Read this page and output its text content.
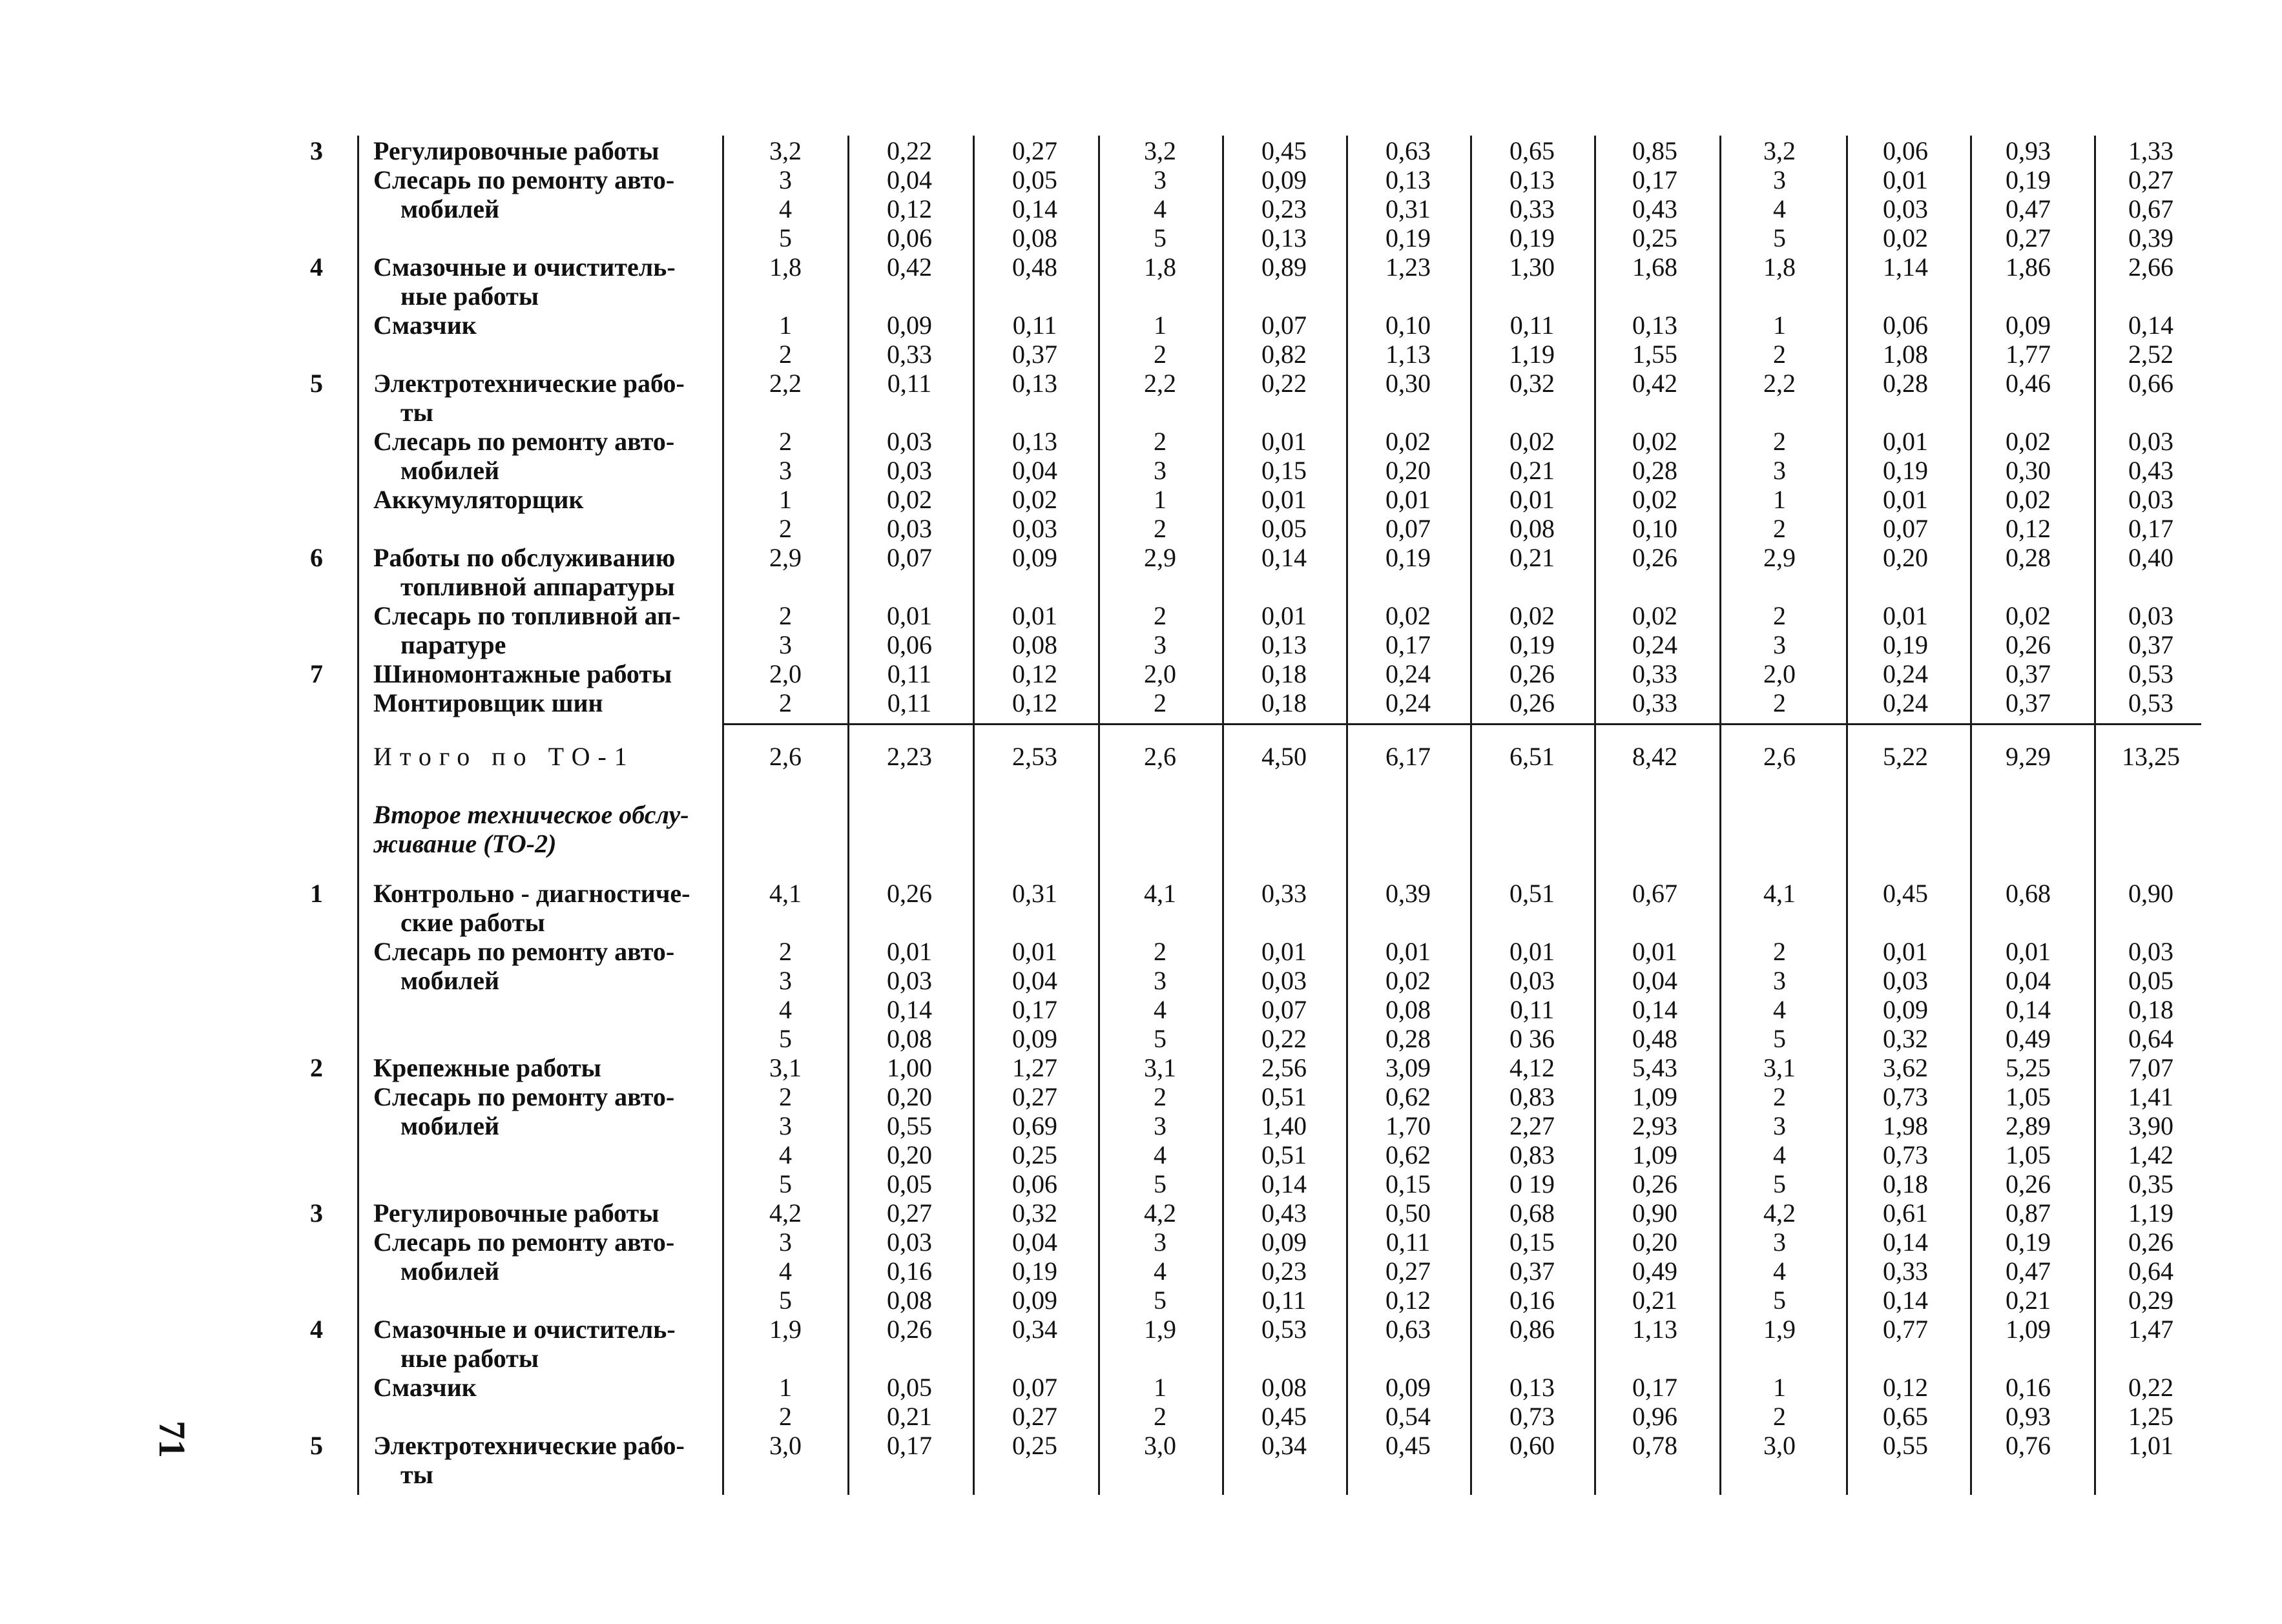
71
3 Регулировочные работы	3,2	0,22	0,27	3,2	0,45	0,63	0,65	0,85	3,2	0,06	0,93	1,33
Слесарь по ремонту авто-	3	0,04	0,05	3	0,09	0,13	0,13	0,17	3	0,01	0,19	0,27
мобилей	4	0,12	0,14	4	0,23	0,31	0,33	0,43	4	0,03	0,47	0,67
5	0,06	0,08	5	0,13	0,19	0,19	0,25	5	0,02	0,27	0,39
4 Смазочные и очиститель-	1,8	0,42	0,48	1,8	0,89	1,23	1,30	1,68	1,8	1,14	1,86	2,66
ные работы
Смазчик	1	0,09	0,11	1	0,07	0,10	0,11	0,13	1	0,06	0,09	0,14
2	0,33	0,37	2	0,82	1,13	1,19	1,55	2	1,08	1,77	2,52
5 Электротехнические рабо-	2,2	0,11	0,13	2,2	0,22	0,30	0,32	0,42	2,2	0,28	0,46	0,66
ты
Слесарь по ремонту авто-	2	0,03	0,13	2	0,01	0,02	0,02	0,02	2	0,01	0,02	0,03
мобилей	3	0,03	0,04	3	0,15	0,20	0,21	0,28	3	0,19	0,30	0,43
Аккумуляторщик	1	0,02	0,02	1	0,01	0,01	0,01	0,02	1	0,01	0,02	0,03
2	0,03	0,03	2	0,05	0,07	0,08	0,10	2	0,07	0,12	0,17
6 Работы по обслуживанию	2,9	0,07	0,09	2,9	0,14	0,19	0,21	0,26	2,9	0,20	0,28	0,40
топливной аппаратуры
Слесарь по топливной ап-	2	0,01	0,01	2	0,01	0,02	0,02	0,02	2	0,01	0,02	0,03
паратуре	3	0,06	0,08	3	0,13	0,17	0,19	0,24	3	0,19	0,26	0,37
7 Шиномонтажные работы	2,0	0,11	0,12	2,0	0,18	0,24	0,26	0,33	2,0	0,24	0,37	0,53
Монтировщик шин	2	0,11	0,12	2	0,18	0,24	0,26	0,33	2	0,24	0,37	0,53
Итого по ТО-1	2,6	2,23	2,53	2,6	4,50	6,17	6,51	8,42	2,6	5,22	9,29	13,25
Второе техническое обслу-
живание (ТО-2)
1 Контрольно - диагностиче-	4,1	0,26	0,31	4,1	0,33	0,39	0,51	0,67	4,1	0,45	0,68	0,90
ские работы
Слесарь по ремонту авто-	2	0,01	0,01	2	0,01	0,01	0,01	0,01	2	0,01	0,01	0,03
мобилей	3	0,03	0,04	3	0,03	0,02	0,03	0,04	3	0,03	0,04	0,05
4	0,14	0,17	4	0,07	0,08	0,11	0,14	4	0,09	0,14	0,18
5	0,08	0,09	5	0,22	0,28	0 36	0,48	5	0,32	0,49	0,64
2 Крепежные работы	3,1	1,00	1,27	3,1	2,56	3,09	4,12	5,43	3,1	3,62	5,25	7,07
Слесарь по ремонту авто-	2	0,20	0,27	2	0,51	0,62	0,83	1,09	2	0,73	1,05	1,41
мобилей	3	0,55	0,69	3	1,40	1,70	2,27	2,93	3	1,98	2,89	3,90
4	0,20	0,25	4	0,51	0,62	0,83	1,09	4	0,73	1,05	1,42
5	0,05	0,06	5	0,14	0,15	0 19	0,26	5	0,18	0,26	0,35
3 Регулировочные работы	4,2	0,27	0,32	4,2	0,43	0,50	0,68	0,90	4,2	0,61	0,87	1,19
Слесарь по ремонту авто-	3	0,03	0,04	3	0,09	0,11	0,15	0,20	3	0,14	0,19	0,26
мобилей	4	0,16	0,19	4	0,23	0,27	0,37	0,49	4	0,33	0,47	0,64
5	0,08	0,09	5	0,11	0,12	0,16	0,21	5	0,14	0,21	0,29
4 Смазочные и очиститель-	1,9	0,26	0,34	1,9	0,53	0,63	0,86	1,13	1,9	0,77	1,09	1,47
ные работы
Смазчик	1	0,05	0,07	1	0,08	0,09	0,13	0,17	1	0,12	0,16	0,22
2	0,21	0,27	2	0,45	0,54	0,73	0,96	2	0,65	0,93	1,25
5 Электротехнические рабо-	3,0	0,17	0,25	3,0	0,34	0,45	0,60	0,78	3,0	0,55	0,76	1,01
ты
